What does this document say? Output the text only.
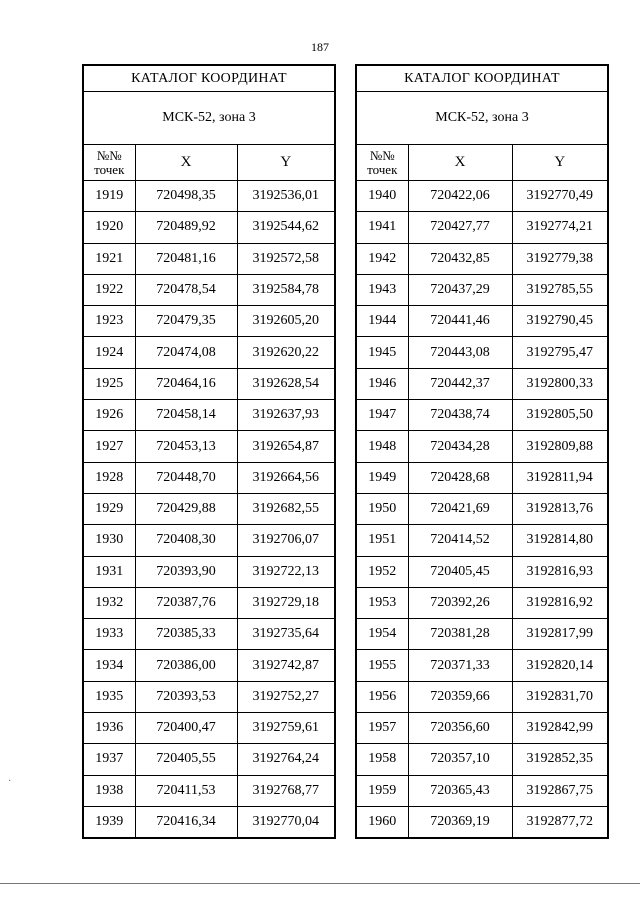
187
КАТАЛОГ КООРДИНАТ		
МСК-52, зона 3		
№№ точек	X	Y
1919	720498,35	3192536,01
1920	720489,92	3192544,62
1921	720481,16	3192572,58
1922	720478,54	3192584,78
1923	720479,35	3192605,20
1924	720474,08	3192620,22
1925	720464,16	3192628,54
1926	720458,14	3192637,93
1927	720453,13	3192654,87
1928	720448,70	3192664,56
1929	720429,88	3192682,55
1930	720408,30	3192706,07
1931	720393,90	3192722,13
1932	720387,76	3192729,18
1933	720385,33	3192735,64
1934	720386,00	3192742,87
1935	720393,53	3192752,27
1936	720400,47	3192759,61
1937	720405,55	3192764,24
1938	720411,53	3192768,77
1939	720416,34	3192770,04
КАТАЛОГ КООРДИНАТ		
МСК-52, зона 3		
№№ точек	X	Y
1940	720422,06	3192770,49
1941	720427,77	3192774,21
1942	720432,85	3192779,38
1943	720437,29	3192785,55
1944	720441,46	3192790,45
1945	720443,08	3192795,47
1946	720442,37	3192800,33
1947	720438,74	3192805,50
1948	720434,28	3192809,88
1949	720428,68	3192811,94
1950	720421,69	3192813,76
1951	720414,52	3192814,80
1952	720405,45	3192816,93
1953	720392,26	3192816,92
1954	720381,28	3192817,99
1955	720371,33	3192820,14
1956	720359,66	3192831,70
1957	720356,60	3192842,99
1958	720357,10	3192852,35
1959	720365,43	3192867,75
1960	720369,19	3192877,72
·
